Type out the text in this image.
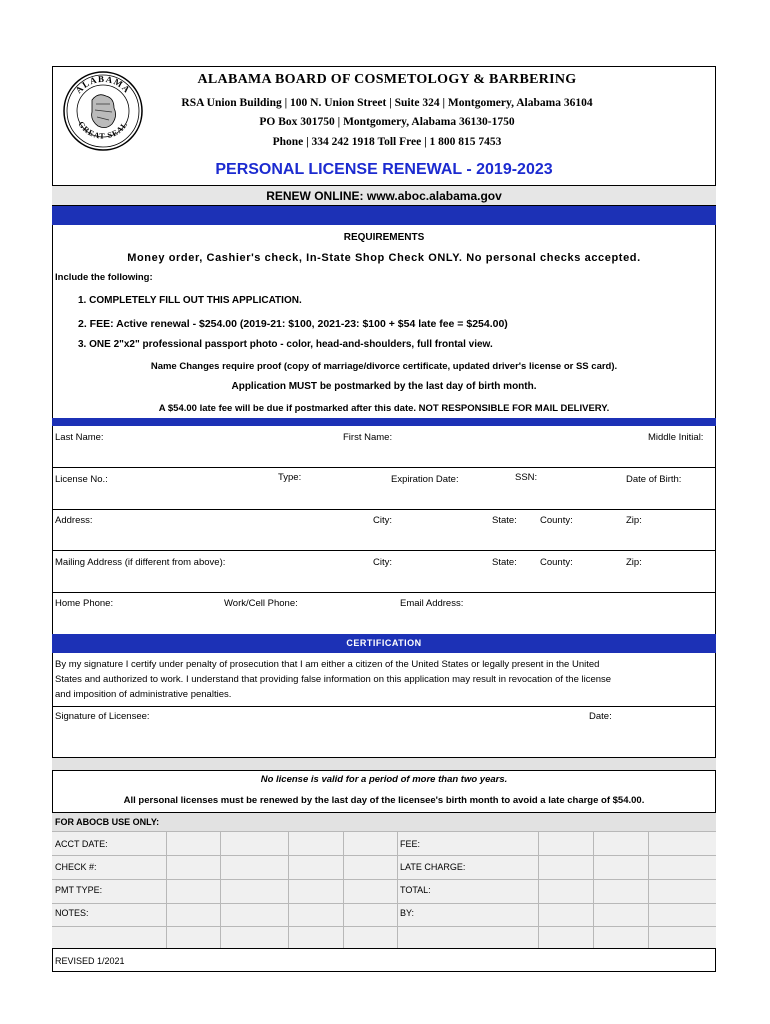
ALABAMA
GREAT SEAL
ALABAMA BOARD OF COSMETOLOGY & BARBERING
RSA Union Building | 100 N. Union Street | Suite 324 | Montgomery, Alabama 36104
PO Box 301750 | Montgomery, Alabama 36130-1750
Phone | 334 242 1918 Toll Free | 1 800 815 7453
PERSONAL LICENSE RENEWAL - 2019-2023
RENEW ONLINE: www.aboc.alabama.gov
REQUIREMENTS
Money order, Cashier's check, In-State Shop Check ONLY. No personal checks accepted.
Include the following:
1. COMPLETELY FILL OUT THIS APPLICATION.
2. FEE: Active renewal - $254.00 (2019-21: $100, 2021-23: $100 + $54 late fee = $254.00)
3. ONE 2"x2" professional passport photo - color, head-and-shoulders, full frontal view.
Name Changes require proof (copy of marriage/divorce certificate, updated driver's license or SS card).
Application MUST be postmarked by the last day of birth month.
A $54.00 late fee will be due if postmarked after this date. NOT RESPONSIBLE FOR MAIL DELIVERY.
Last Name:	First Name:	Middle Initial:
License No.:	Type:	Expiration Date:	SSN:	Date of Birth:
Address:	City:	State: County:	Zip:
Mailing Address (if different from above):	City:	State: County:	Zip:
Home Phone:	Work/Cell Phone:	Email Address:
CERTIFICATION
By my signature I certify under penalty of prosecution that I am either a citizen of the United States or legally present in the United
States and authorized to work. I understand that providing false information on this application may result in revocation of the license
and imposition of administrative penalties.
Signature of Licensee:	Date:
No license is valid for a period of more than two years.
All personal licenses must be renewed by the last day of the licensee's birth month to avoid a late charge of $54.00.
FOR ABOCB USE ONLY:
ACCT DATE:	FEE:
CHECK #:	LATE CHARGE:
PMT TYPE:	TOTAL:
NOTES:	BY:
REVISED 1/2021
